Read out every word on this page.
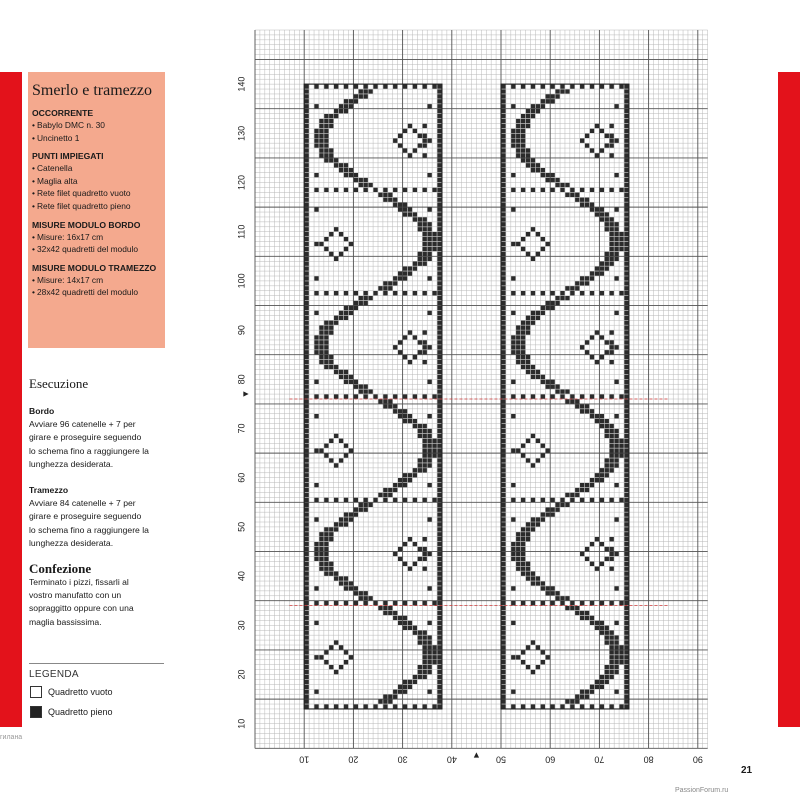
Smerlo e tramezzo
OCCORRENTE
• Babylo DMC n. 30
• Uncinetto 1
PUNTI IMPIEGATI
• Catenella
• Maglia alta
• Rete filet quadretto vuoto
• Rete filet quadretto pieno
MISURE MODULO BORDO
• Misure: 16x17 cm
• 32x42 quadretti del modulo
MISURE MODULO TRAMEZZO
• Misure: 14x17 cm
• 28x42 quadretti del modulo
Esecuzione
Bordo
Avviare 96 catenelle + 7 per
girare e proseguire seguendo
lo schema fino a raggiungere la
lunghezza desiderata.
Tramezzo
Avviare 84 catenelle + 7 per
girare e proseguire seguendo
lo schema fino a raggiungere la
lunghezza desiderata.
Confezione
Terminato i pizzi, fissarli al
vostro manufatto con un
sopraggitto oppure con una
maglia bassissima.
LEGENDA
Quadretto vuoto
Quadretto pieno
гилана
21
PassionForum.ru
140
130
120
110
100
90
80
70
60
50
40
30
20
10
10	20	30	40	50	60	70	80	90
▼
▼
